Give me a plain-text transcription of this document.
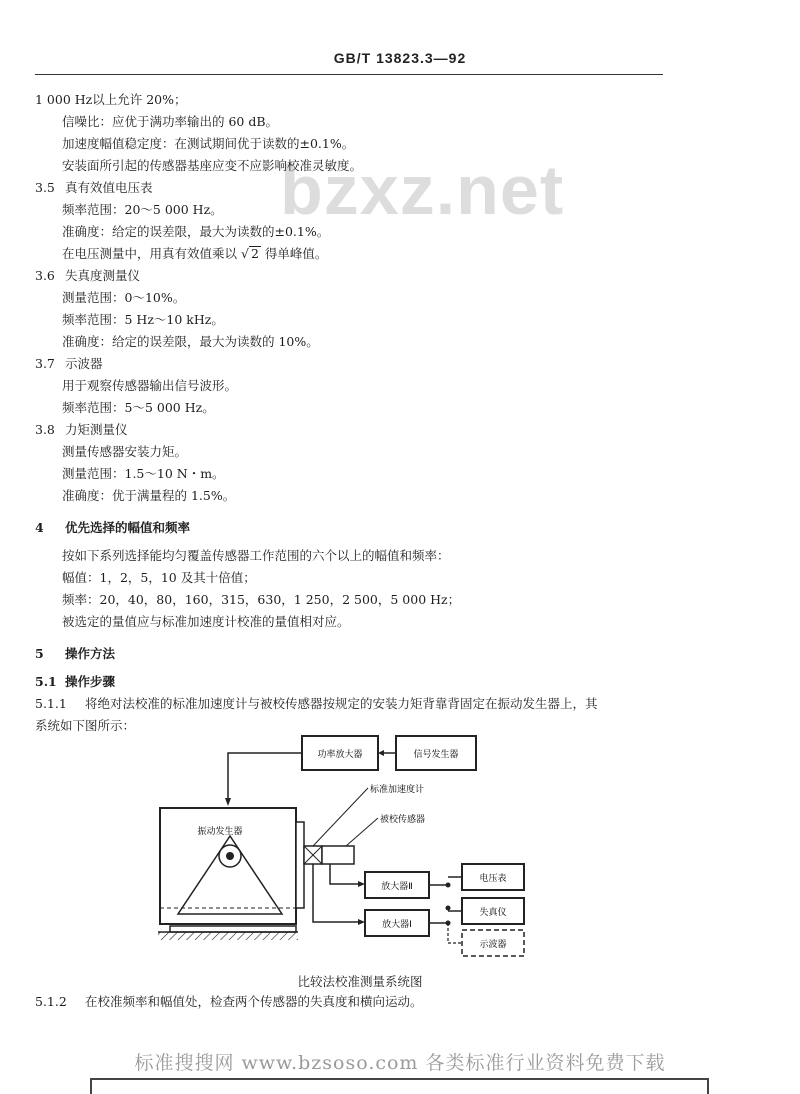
GB/T 13823.3—92
bzxz.net
1 000 Hz以上允许 20%；
信噪比：应优于满功率输出的 60 dB。
加速度幅值稳定度：在测试期间优于读数的±0.1%。
安装面所引起的传感器基座应变不应影响校准灵敏度。
3.5 真有效值电压表
频率范围：20～5 000 Hz。
准确度：给定的误差限，最大为读数的±0.1%。
在电压测量中，用真有效值乘以 √ 2 得单峰值。
3.6 失真度测量仪
测量范围：0～10%。
频率范围：5 Hz～10 kHz。
准确度：给定的误差限，最大为读数的 10%。
3.7 示波器
用于观察传感器输出信号波形。
频率范围：5～5 000 Hz。
3.8 力矩测量仪
测量传感器安装力矩。
测量范围：1.5～10 N・m。
准确度：优于满量程的 1.5%。
4 优先选择的幅值和频率
按如下系列选择能均匀覆盖传感器工作范围的六个以上的幅值和频率：
幅值：1，2，5，10 及其十倍值；
频率：20，40，80，160，315，630，1 250，2 500，5 000 Hz；
被选定的量值应与标准加速度计校准的量值相对应。
5 操作方法
5.1 操作步骤
5.1.1 将绝对法校准的标准加速度计与被校传感器按规定的安装力矩背靠背固定在振动发生器上，其
系统如下图所示：
功率放大器	信号发生器
振动发生器
标准加速度计
被校传感器
放大器Ⅱ
放大器Ⅰ
电压表
失真仪
示波器
比较法校准测量系统图
5.1.2 在校准频率和幅值处，检查两个传感器的失真度和横向运动。
标准搜搜网 www.bzsoso.com 各类标准行业资料免费下载
